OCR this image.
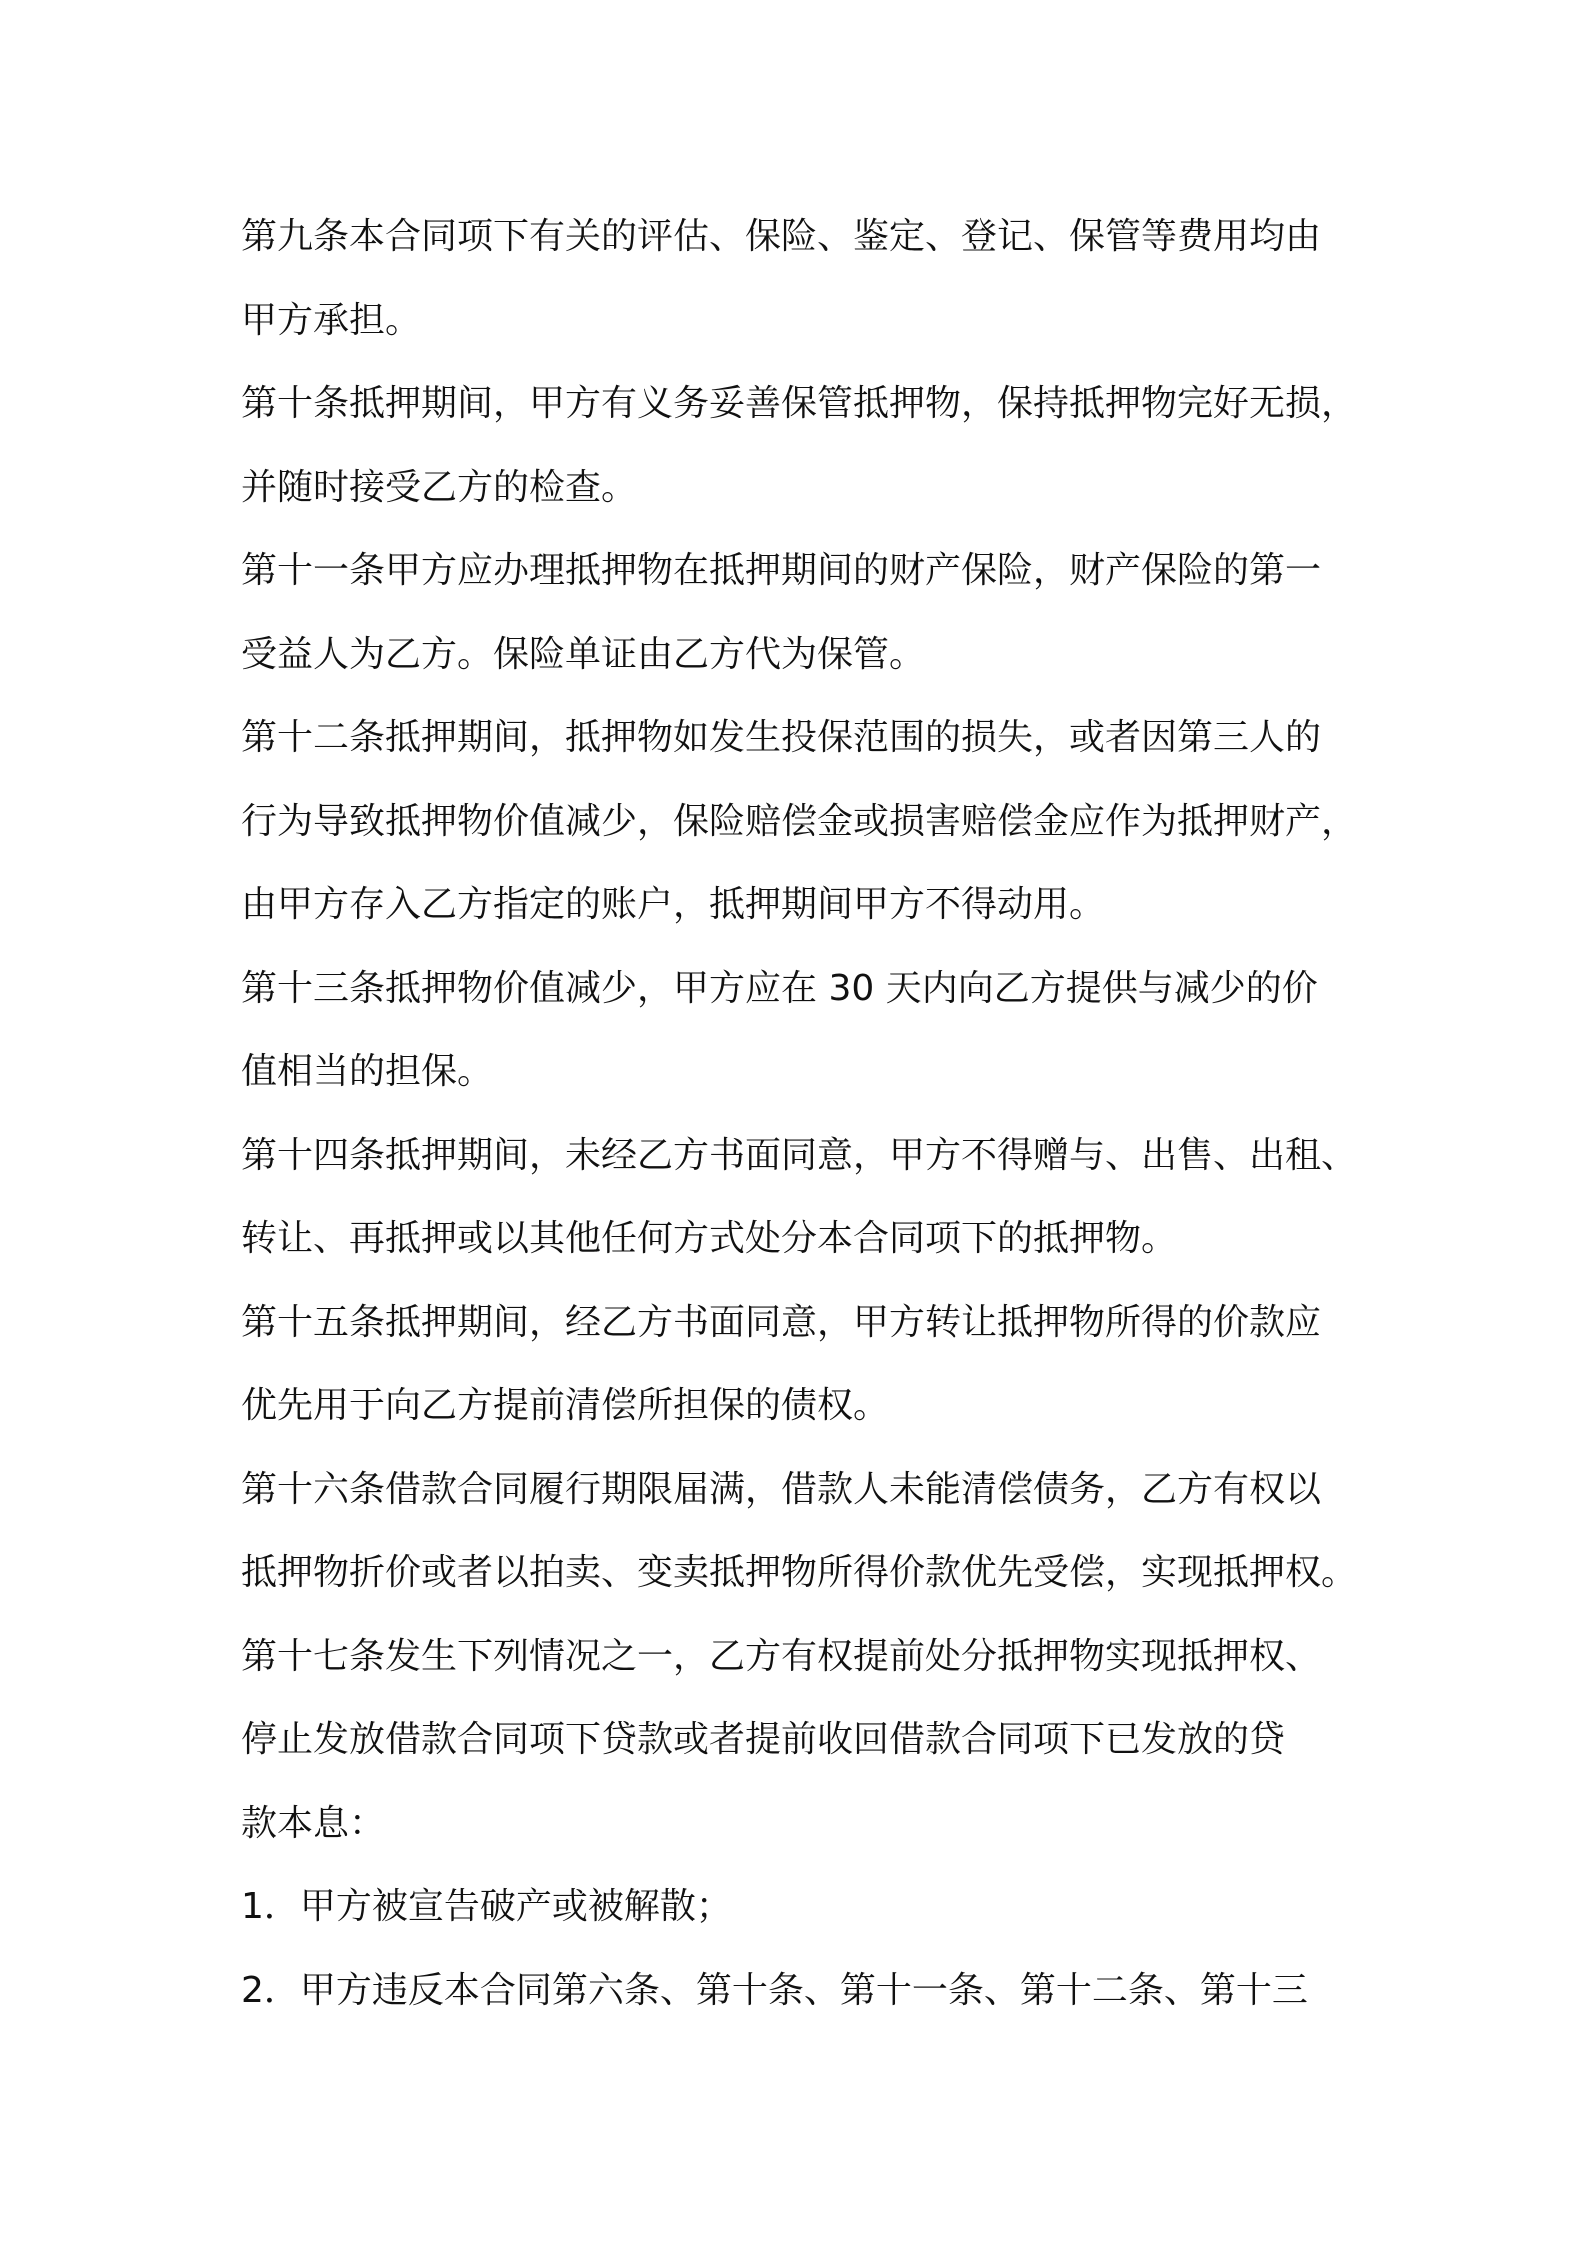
第九条本合同项下有关的评估、保险、鉴定、登记、保管等费用均由
甲方承担。
第十条抵押期间，甲方有义务妥善保管抵押物，保持抵押物完好无损，
并随时接受乙方的检查。
第十一条甲方应办理抵押物在抵押期间的财产保险，财产保险的第一
受益人为乙方。保险单证由乙方代为保管。
第十二条抵押期间，抵押物如发生投保范围的损失，或者因第三人的
行为导致抵押物价值减少，保险赔偿金或损害赔偿金应作为抵押财产，
由甲方存入乙方指定的账户，抵押期间甲方不得动用。
第十三条抵押物价值减少，甲方应在 30 天内向乙方提供与减少的价
值相当的担保。
第十四条抵押期间，未经乙方书面同意，甲方不得赠与、出售、出租、
转让、再抵押或以其他任何方式处分本合同项下的抵押物。
第十五条抵押期间，经乙方书面同意，甲方转让抵押物所得的价款应
优先用于向乙方提前清偿所担保的债权。
第十六条借款合同履行期限届满，借款人未能清偿债务，乙方有权以
抵押物折价或者以拍卖、变卖抵押物所得价款优先受偿，实现抵押权。
第十七条发生下列情况之一，乙方有权提前处分抵押物实现抵押权、
停止发放借款合同项下贷款或者提前收回借款合同项下已发放的贷
款本息：
1．甲方被宣告破产或被解散；
2．甲方违反本合同第六条、第十条、第十一条、第十二条、第十三
